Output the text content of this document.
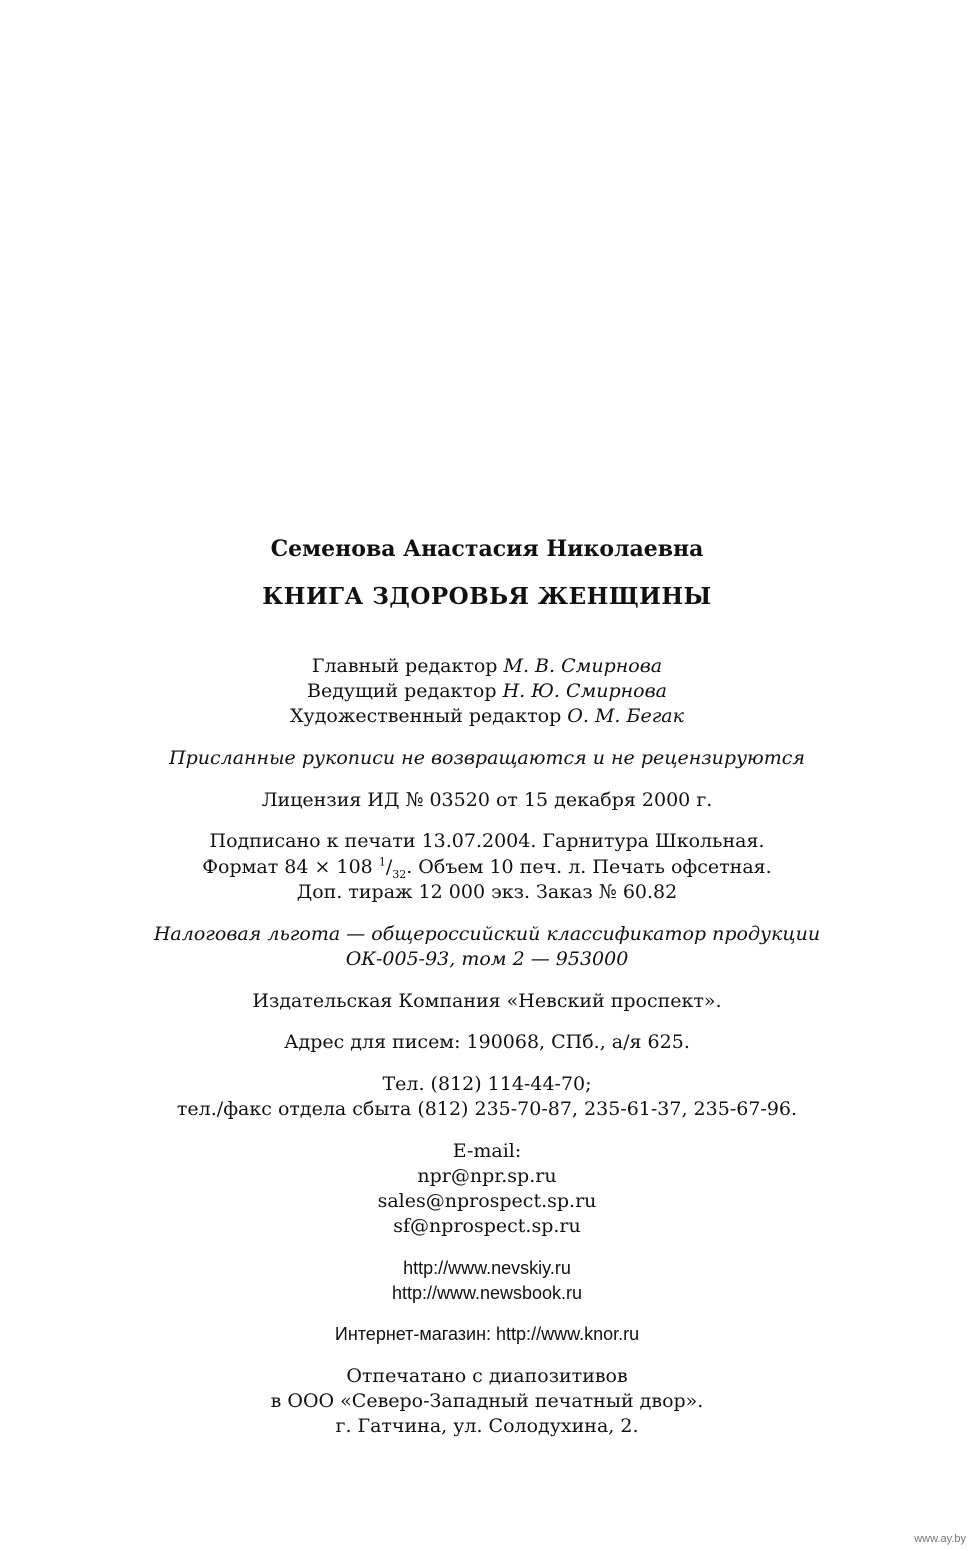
Семенова Анастасия Николаевна
КНИГА ЗДОРОВЬЯ ЖЕНЩИНЫ
Главный редактор М. В. Смирнова
Ведущий редактор Н. Ю. Смирнова
Художественный редактор О. М. Бегак
Присланные рукописи не возвращаются и не рецензируются
Лицензия ИД № 03520 от 15 декабря 2000 г.
Подписано к печати 13.07.2004. Гарнитура Школьная.
Формат 84 × 108 $^1/_{32}$. Объем 10 печ. л. Печать офсетная.
Доп. тираж 12 000 экз. Заказ № 60.82
Налоговая льгота — общероссийский классификатор продукции
ОК-005-93, том 2 — 953000
Издательская Компания «Невский проспект».
Адрес для писем: 190068, СПб., а/я 625.
Тел. (812) 114-44-70;
тел./факс отдела сбыта (812) 235-70-87, 235-61-37, 235-67-96.
E-mail:
npr@npr.sp.ru
sales@nprospect.sp.ru
sf@nprospect.sp.ru
http://www.nevskiy.ru
http://www.newsbook.ru
Интернет-магазин: http://www.knor.ru
Отпечатано с диапозитивов
в ООО «Северо-Западный печатный двор».
г. Гатчина, ул. Солодухина, 2.
www.ay.by
